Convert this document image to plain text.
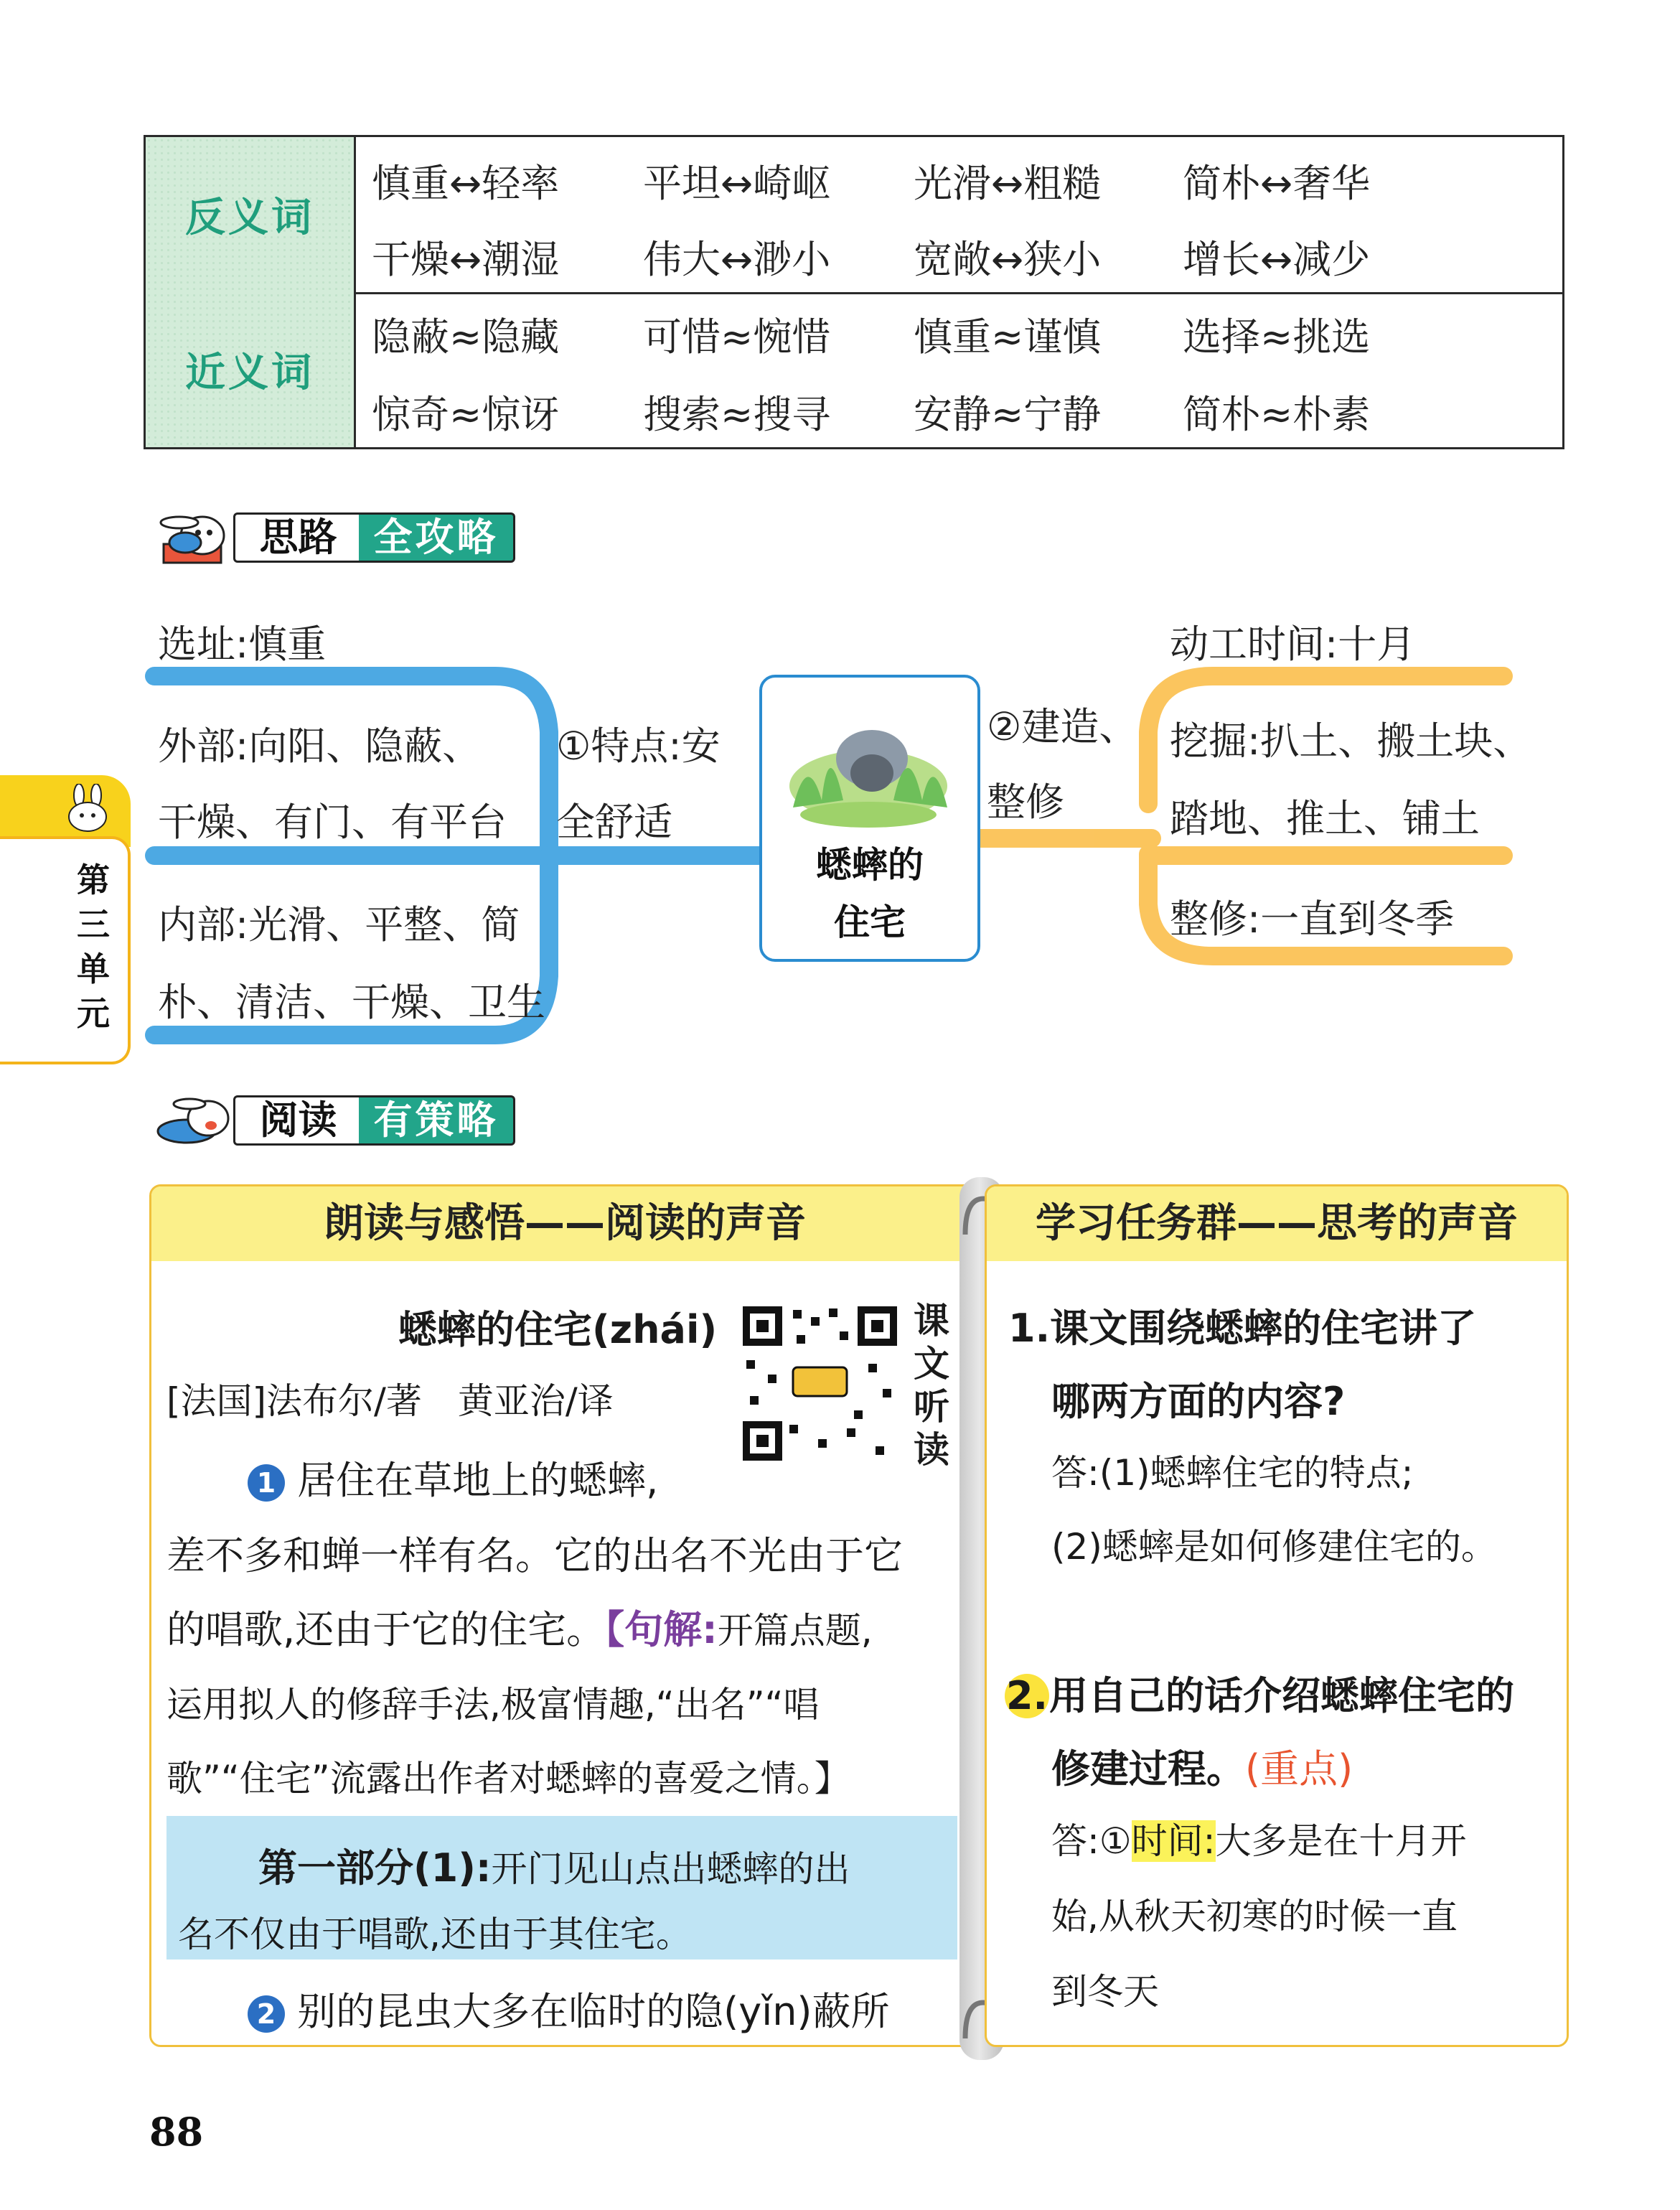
反义词
慎重↔轻率 平坦↔崎岖 光滑↔粗糙 简朴↔奢华
干燥↔潮湿 伟大↔渺小 宽敞↔狭小 增长↔减少
近义词
隐蔽≈隐藏 可惜≈惋惜 慎重≈谨慎 选择≈挑选
惊奇≈惊讶 搜索≈搜寻 安静≈宁静 简朴≈朴素
思路 全攻略
选址:慎重
外部:向阳、隐蔽、
干燥、有门、有平台
内部:光滑、平整、简
朴、清洁、干燥、卫生
①特点:安
全舒适
蟋蟀的
住宅
②建造、
整修
动工时间:十月
挖掘:扒土、搬土块、
踏地、推土、铺土
整修:一直到冬季
第
三
单
元
阅读 有策略
朗读与感悟——阅读的声音
蟋蟀的住宅(zhái)
[法国]法布尔/著　黄亚治/译
课
文
听
读
1 居住在草地上的蟋蟀,
差不多和蝉一样有名。它的出名不光由于它
的唱歌,还由于它的住宅。【句解:开篇点题,
运用拟人的修辞手法,极富情趣,“出名”“唱
歌”“住宅”流露出作者对蟋蟀的喜爱之情。】
第一部分(1):开门见山点出蟋蟀的出
名不仅由于唱歌,还由于其住宅。
2 别的昆虫大多在临时的隐(yǐn)蔽所
学习任务群——思考的声音
1.课文围绕蟋蟀的住宅讲了
哪两方面的内容?
答:(1)蟋蟀住宅的特点;
(2)蟋蟀是如何修建住宅的。
2.用自己的话介绍蟋蟀住宅的
修建过程。(重点)
答:①时间:大多是在十月开
始,从秋天初寒的时候一直
到冬天
88
